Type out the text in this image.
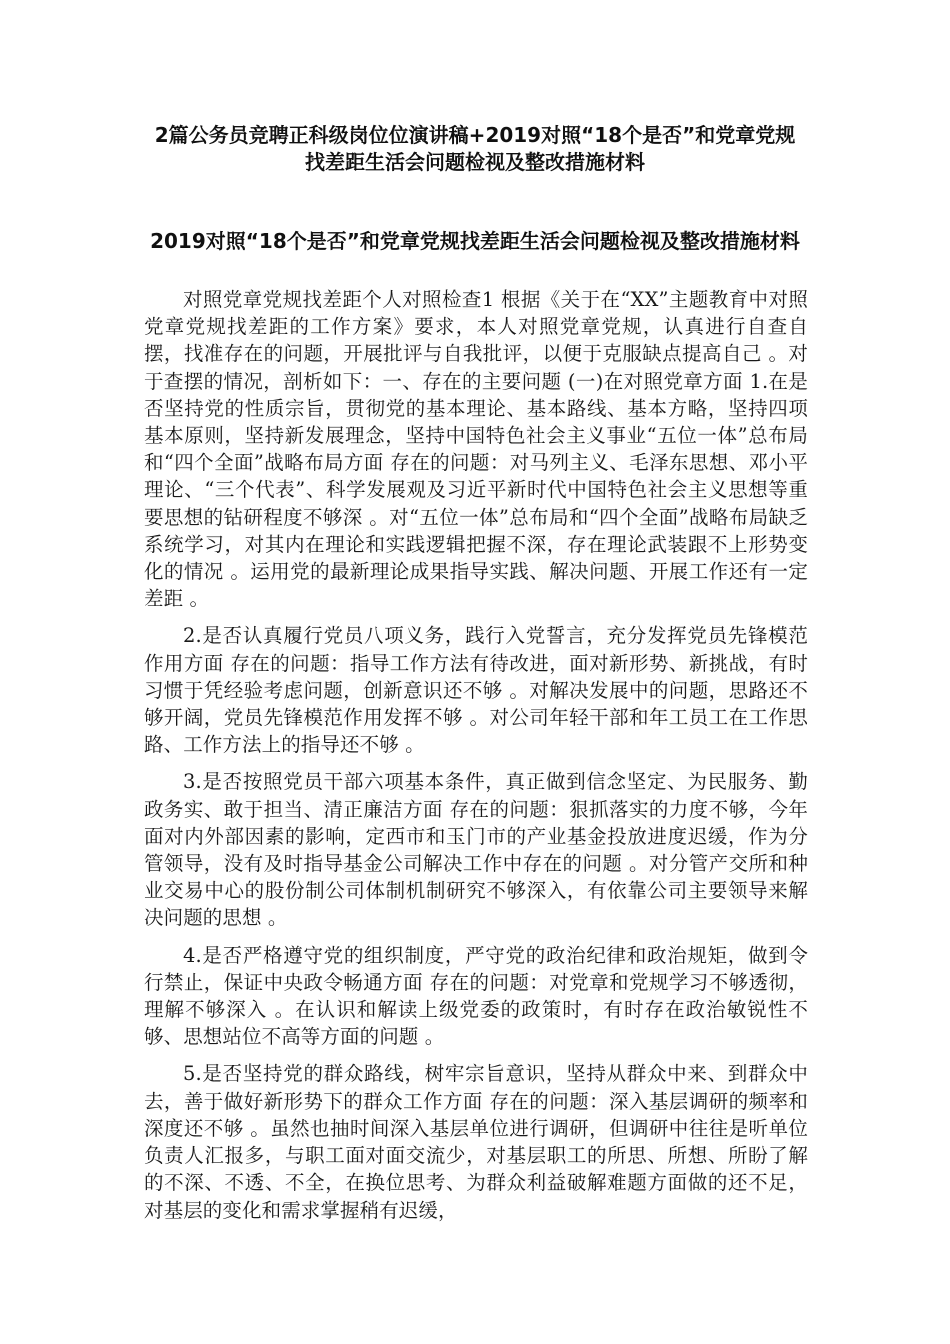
2篇公务员竞聘正科级岗位位演讲稿+2019对照“18个是否”和党章党规找差距生活会问题检视及整改措施材料
2019对照“18个是否”和党章党规找差距生活会问题检视及整改措施材料

对照党章党规找差距个人对照检查1 根据《关于在“XX”主题教育中对照党章党规找差距的工作方案》要求，本人对照党章党规，认真进行自查自摆，找准存在的问题，开展批评与自我批评，以便于克服缺点提高自己 。对于查摆的情况，剖析如下：一、存在的主要问题 (一)在对照党章方面 1.在是否坚持党的性质宗旨，贯彻党的基本理论、基本路线、基本方略，坚持四项基本原则，坚持新发展理念，坚持中国特色社会主义事业“五位一体”总布局和“四个全面”战略布局方面 存在的问题：对马列主义、毛泽东思想、邓小平理论、“三个代表”、科学发展观及习近平新时代中国特色社会主义思想等重要思想的钻研程度不够深 。对“五位一体”总布局和“四个全面”战略布局缺乏系统学习，对其内在理论和实践逻辑把握不深，存在理论武装跟不上形势变化的情况 。运用党的最新理论成果指导实践、解决问题、开展工作还有一定差距 。

2.是否认真履行党员八项义务，践行入党誓言，充分发挥党员先锋模范作用方面 存在的问题：指导工作方法有待改进，面对新形势、新挑战，有时习惯于凭经验考虑问题，创新意识还不够 。对解决发展中的问题，思路还不够开阔，党员先锋模范作用发挥不够 。对公司年轻干部和年工员工在工作思路、工作方法上的指导还不够 。

3.是否按照党员干部六项基本条件，真正做到信念坚定、为民服务、勤政务实、敢于担当、清正廉洁方面 存在的问题：狠抓落实的力度不够，今年面对内外部因素的影响，定西市和玉门市的产业基金投放进度迟缓，作为分管领导，没有及时指导基金公司解决工作中存在的问题 。对分管产交所和种业交易中心的股份制公司体制机制研究不够深入，有依靠公司主要领导来解决问题的思想 。

4.是否严格遵守党的组织制度，严守党的政治纪律和政治规矩，做到令行禁止，保证中央政令畅通方面 存在的问题：对党章和党规学习不够透彻，理解不够深入 。在认识和解读上级党委的政策时，有时存在政治敏锐性不够、思想站位不高等方面的问题 。

5.是否坚持党的群众路线，树牢宗旨意识，坚持从群众中来、到群众中去，善于做好新形势下的群众工作方面 存在的问题：深入基层调研的频率和深度还不够 。虽然也抽时间深入基层单位进行调研，但调研中往往是听单位负责人汇报多，与职工面对面交流少，对基层职工的所思、所想、所盼了解的不深、不透、不全，在换位思考、为群众利益破解难题方面做的还不足，对基层的变化和需求掌握稍有迟缓，
